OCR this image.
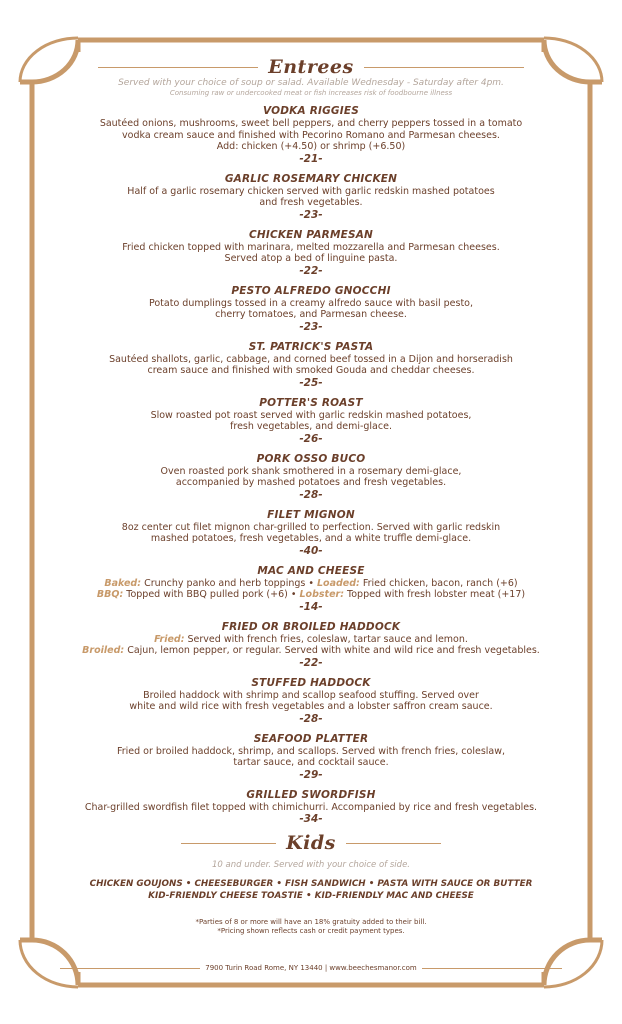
Entrees
Served with your choice of soup or salad. Available Wednesday - Saturday after 4pm.
Consuming raw or undercooked meat or fish increases risk of foodbourne illness
VODKA RIGGIES
Sautéed onions, mushrooms, sweet bell peppers, and cherry peppers tossed in a tomato
vodka cream sauce and finished with Pecorino Romano and Parmesan cheeses.
Add: chicken (+4.50) or shrimp (+6.50)
-21-
GARLIC ROSEMARY CHICKEN
Half of a garlic rosemary chicken served with garlic redskin mashed potatoes
and fresh vegetables.
-23-
CHICKEN PARMESAN
Fried chicken topped with marinara, melted mozzarella and Parmesan cheeses.
Served atop a bed of linguine pasta.
-22-
PESTO ALFREDO GNOCCHI
Potato dumplings tossed in a creamy alfredo sauce with basil pesto,
cherry tomatoes, and Parmesan cheese.
-23-
ST. PATRICK'S PASTA
Sautéed shallots, garlic, cabbage, and corned beef tossed in a Dijon and horseradish
cream sauce and finished with smoked Gouda and cheddar cheeses.
-25-
POTTER'S ROAST
Slow roasted pot roast served with garlic redskin mashed potatoes,
fresh vegetables, and demi-glace.
-26-
PORK OSSO BUCO
Oven roasted pork shank smothered in a rosemary demi-glace,
accompanied by mashed potatoes and fresh vegetables.
-28-
FILET MIGNON
8oz center cut filet mignon char-grilled to perfection. Served with garlic redskin
mashed potatoes, fresh vegetables, and a white truffle demi-glace.
-40-
MAC AND CHEESE
Baked: Crunchy panko and herb toppings • Loaded: Fried chicken, bacon, ranch (+6)
BBQ: Topped with BBQ pulled pork (+6) • Lobster: Topped with fresh lobster meat (+17)
-14-
FRIED OR BROILED HADDOCK
Fried: Served with french fries, coleslaw, tartar sauce and lemon.
Broiled: Cajun, lemon pepper, or regular. Served with white and wild rice and fresh vegetables.
-22-
STUFFED HADDOCK
Broiled haddock with shrimp and scallop seafood stuffing. Served over
white and wild rice with fresh vegetables and a lobster saffron cream sauce.
-28-
SEAFOOD PLATTER
Fried or broiled haddock, shrimp, and scallops. Served with french fries, coleslaw,
tartar sauce, and cocktail sauce.
-29-
GRILLED SWORDFISH
Char-grilled swordfish filet topped with chimichurri. Accompanied by rice and fresh vegetables.
-34-
Kids
10 and under. Served with your choice of side.
CHICKEN GOUJONS • CHEESEBURGER • FISH SANDWICH • PASTA WITH SAUCE OR BUTTER
KID-FRIENDLY CHEESE TOASTIE • KID-FRIENDLY MAC AND CHEESE
*Parties of 8 or more will have an 18% gratuity added to their bill.
*Pricing shown reflects cash or credit payment types.
7900 Turin Road Rome, NY 13440 | www.beechesmanor.com
